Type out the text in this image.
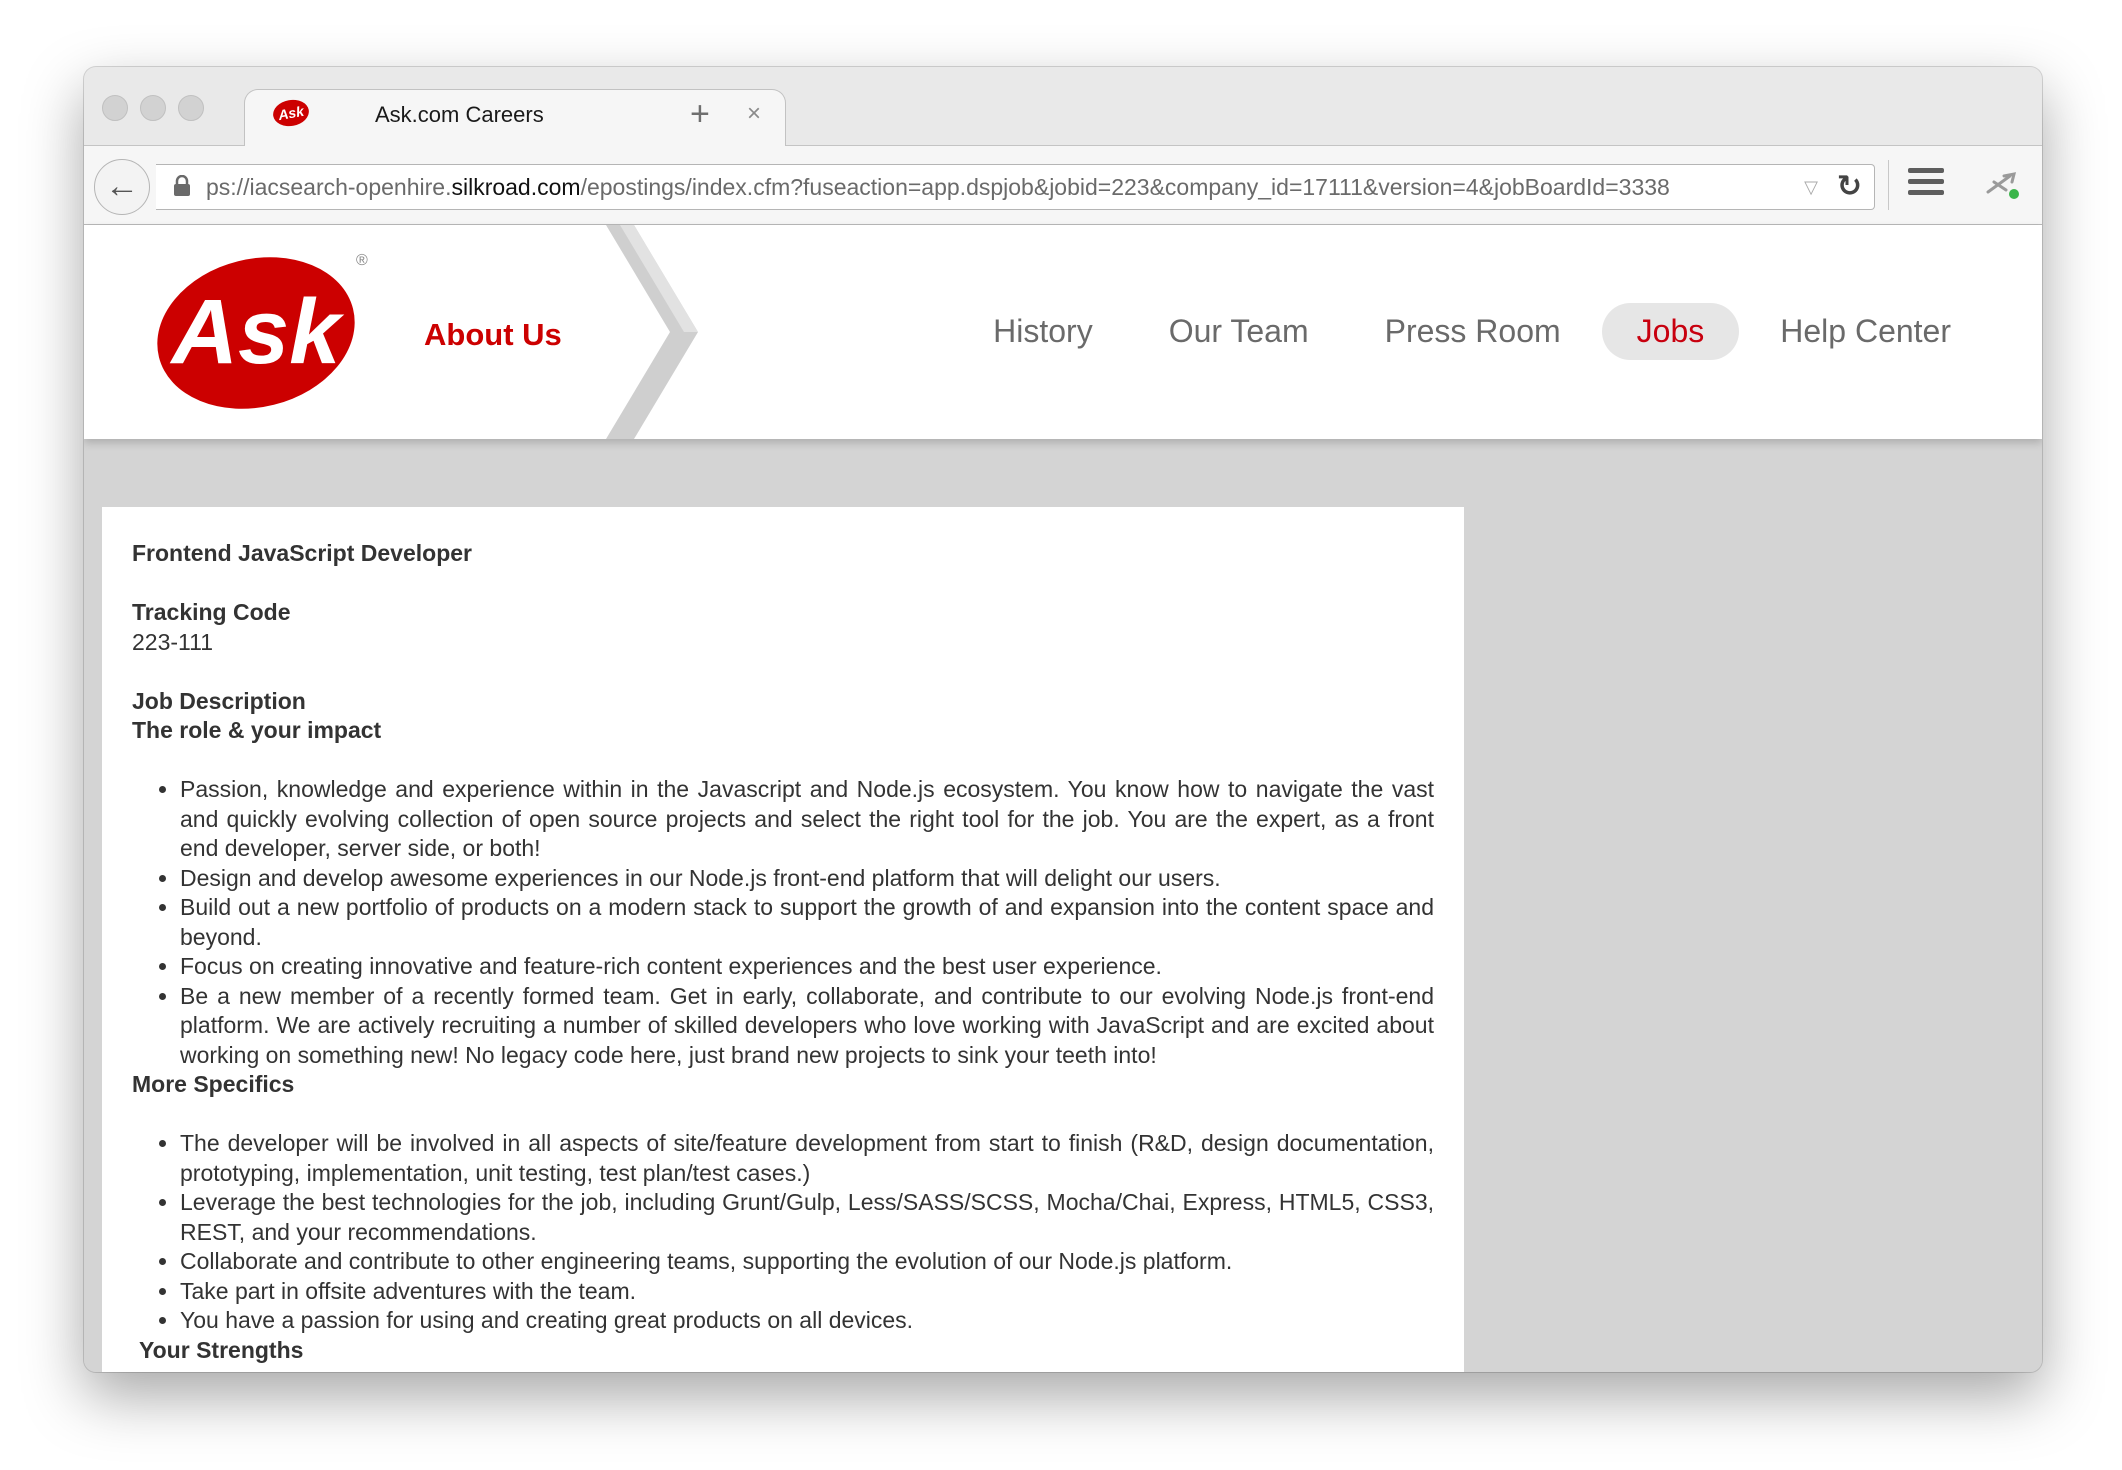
Ask	Ask.com Careers	×
+
←	ps://iacsearch-openhire.silkroad.com/epostings/index.cfm?fuseaction=app.dspjob&jobid=223&company_id=17111&version=4&jobBoardId=3338	▽ ↻
Ask
®
About Us	History	Our Team	Press Room	Jobs	Help Center

Frontend JavaScript Developer

Tracking Code

223-111

Job Description

The role & your impact

• Passion, knowledge and experience within in the Javascript and Node.js ecosystem. You know how to navigate the vast and quickly evolving collection of open source projects and select the right tool for the job. You are the expert, as a front end developer, server side, or both!
• Design and develop awesome experiences in our Node.js front-end platform that will delight our users.
• Build out a new portfolio of products on a modern stack to support the growth of and expansion into the content space and beyond.
• Focus on creating innovative and feature-rich content experiences and the best user experience.
• Be a new member of a recently formed team. Get in early, collaborate, and contribute to our evolving Node.js front-end platform. We are actively recruiting a number of skilled developers who love working with JavaScript and are excited about working on something new! No legacy code here, just brand new projects to sink your teeth into!

More Specifics

• The developer will be involved in all aspects of site/feature development from start to finish (R&D, design documentation, prototyping, implementation, unit testing, test plan/test cases.)
• Leverage the best technologies for the job, including Grunt/Gulp, Less/SASS/SCSS, Mocha/Chai, Express, HTML5, CSS3, REST, and your recommendations.
• Collaborate and contribute to other engineering teams, supporting the evolution of our Node.js platform.
• Take part in offsite adventures with the team.
• You have a passion for using and creating great products on all devices.

Your Strengths
